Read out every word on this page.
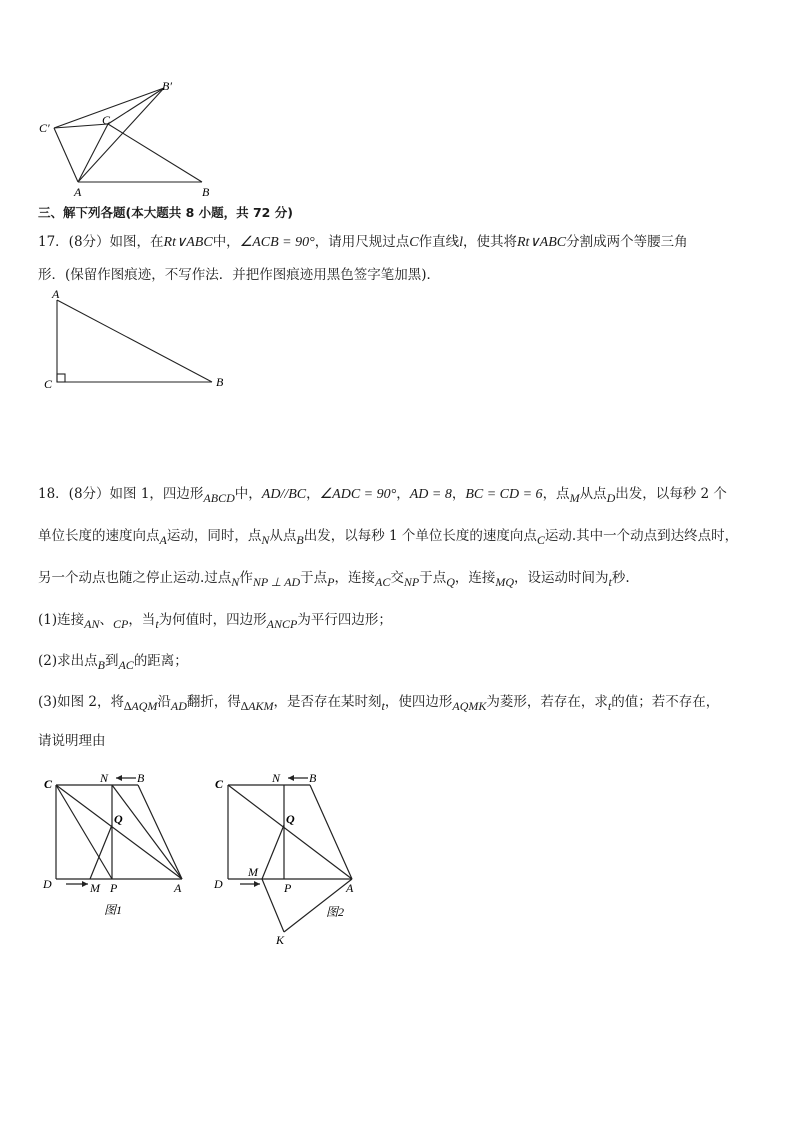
B′
C′
C
A	B
三、解下列各题(本大题共 8 小题，共 72 分)
17．(8分）如图，在Rt∨ABC中，∠ACB = 90°，请用尺规过点C作直线l，使其将Rt∨ABC分割成两个等腰三角
形．(保留作图痕迹，不写作法．并把作图痕迹用黑色签字笔加黑)．
A
C	B
18．(8分）如图 1，四边形ABCD中，AD//BC，∠ADC = 90°，AD = 8，BC = CD = 6，点M从点D出发，以每秒 2 个
单位长度的速度向点A运动，同时，点N从点B出发，以每秒 1 个单位长度的速度向点C运动.其中一个动点到达终点时，
另一个动点也随之停止运动.过点N作NP ⊥ AD于点P，连接AC交NP于点Q，连接MQ，设运动时间为t秒.
(1)连接AN、CP，当t为何值时，四边形ANCP为平行四边形；
(2)求出点B到AC的距离；
(3)如图 2，将∆AQM沿AD翻折，得∆AKM，是否存在某时刻t，使四边形AQMK为菱形，若存在，求t的值；若不存在，
请说明理由
C	N B
Q
D	M P	A
图1
C	N B
Q
D
M
P	A
K
图2
